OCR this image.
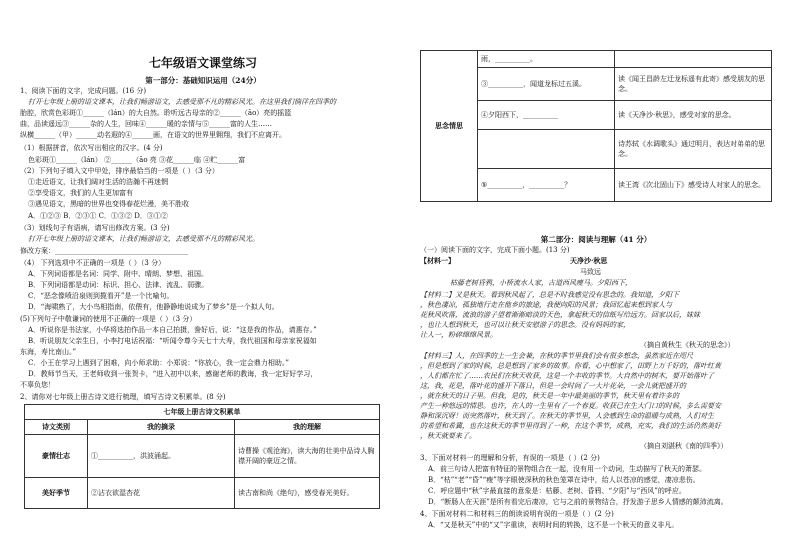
七年级语文课堂练习
第一部分：基础知识运用（24分）
1、阅读下面的文字，完成问题。(16 分)
打开七年级上册的语文课本，让我们畅游语文，去感受那不凡的精彩风光。在这里我们徜徉在四季的
胎腔，欣赏色彩斑①______（lán）的大自然。聆听远古母亲的②______（āo）亮的摇篮
曲，品读遥远③______杂的人生，回味④______暖的亲情与⑤______富的人生……
纵横______（甲）______动名遐的④______画，在语文的世界里翱翔，我们不应离开。
（1）根据拼音，依次写出相应的汉字。(4 分)
色彩斑①______（lán） ②______（āo 亮 ③花______临 ④贮______富
（2）下列句子填入文中甲处，排序最恰当的一项是（ ）（3 分）
①走近语文，让我们阔对生活的浩瀚不再迷惘
②享受语文，我们的人生更加富有
③遇见语文，黑暗的世界也变得春花烂漫，美不胜收
A．①②③ B．②③① C．①③② D．③①②
（3）划线句子有语病，请写出修改方案。(3 分)
打开七年级上册的语文课本，让我们畅游语文，去感受那不凡的精彩风光。
修改方案：______________________________________
（4） 下列选项中不正确的一项是（ ）（3 分）
A．下列词语都是名词：同学、附中、晴朗、梦想、祖国。
B．下列词语都是动词：标识、担心、法律、流乱、弱骤。
C．“恶念像喷沿泉则到揽看开”是一个比喻句。
D．“海啸熟了，大小鸟相指南，依偎有，他静静地说成为了梦乡”是一个拟人句。
(5)下列句子中敬谦词的使用不正确的一项是（ ）（3 分）
A．听说你是书法家，小华将选拍作品一本自己拍摄，誊好后，说：“这是我的作品，请惠存。”
B．听说朋友父亲生日，小李打电话祝福：“听闻令尊今天七十大寿，我代祖国和母亲家祝福如
东海，寿比南山。”
C．小王在学习上遇到了困难，向小师求助：小郑说：“你放心，我一定会鼎力相助。”
D．教师节当天，王老师收到一张贺卡，“进入初中以来，感谢老师的教诲，我一定好好学习，
不辜负您！
2、请你对七年级上册古诗文进行梳理，填写古诗文积累单。(8 分)
七年级上册古诗文积累单		
诗文类别	我的摘录	我的理解
豪情壮志	①__________，洪波涌起。	诗曹操《观沧海》，读大海的壮美中品诗人胸襟开阔的豪迈之情。
美好季节	②沾衣欲湿杏花	读古南和尚《绝句》，感受春光美好。
思念情思	雨，__________。	
	③__________，闻道龙标过五溪。	读《闻王昌龄左迁龙标遥有此寄》感受朋友的思念。
	④夕阳西下，__________	读《天净沙·秋思》，感受对家的思念。
		诗苏轼《水调歌头》通过明月，表达对弟弟的思念。
	⑤__________，__________？	读王湾《次北固山下》感受诗人对家人的思念。
第二部分：阅读与理解（41 分）
（一）阅读下面的文字，完成下面小题。(13 分)
【材料一】	天净沙·秋思
马致远
枯藤老树昏鸦，小桥流水人家，古道西风瘦马。夕阳西下，
【材料二】又是秋天。看到秋风起了，总是不时我感觉没有思念的。我知道，夕阳下
，秋色凄凉，孤独地行走在他乡的旅途，我便向阳的风景；我回忆起来想到家人与
花秋风吹落，流浪的游子望着渐渐暗淡的天色，拿起秋天的信纸写给远方。回家以后，妹妹
，也让人想到秋天，也可以让秋天安慰游子的思念。没有妈妈的家，
让人一，粉碎绵绵风景。
（摘自黄秋生《秋天的思念》）
【材料三】人，在四季的土一生会兼，在秋的季节里我们会有很多想念，虽然家近在咫尺
，但是想到了家的时候，总是想到了家乡的故事。你看，心中想家了，田野上万千好的，落叶红黄
，人们都在忙了……农民们在秋天收获，这是一个丰收的季节。大自然中的树木，要开始落叶了
这，我，花是，落叶花的盛开下落日，但是一会时间了一大片花朵，一会儿就把盛开的
，就在秋天的日子里。但我，是的，秋天是一年中最美丽的季节，秋天里有着许多的
产生一种悠远的情思。也许，在人的一生里有了一个春夏。收获已在生大门口的时候，多么需要安
静和深沉呀！而突然落叶，秋天到了。在秋天的季节里，人会感到生命的温暖与成熟，人们对生
的希望和希冀，也在这秋天的季节里得到了一种，在这个季节，成熟，充实，我们的生活仍然美好
，秋天就要来了。
（摘自刘湛秋《南的四季》）
3、下面对材料一的理解和分析，有误的一项是（ ）(2 分)
A．前三句诗人把富有特征的景物组合在一起，没有用一个动词，生动描写了秋天的萧瑟。
B．“枯”“老”“昏”“瘦”等字眼使深秋的秋色笼罩在诗中，给人以苍凉的感觉，凄凉悲伤。
C．呼应题中“秋”字最直接的意象是：枯藤、老树、昏鸦、“夕阳”与“西风”的呼应。
D．“断肠人在天涯”是所有看完后凄凉，它与之前的景物结合，抒发游子思乡人情感的颠沛流离。
4、下面对材料二和材料三的朗读说明有误的一项是（ ）(2 分)
A．“又是秋天”中的“又”字重读，表明时间的转换，这不是一个秋天的意义非凡。
